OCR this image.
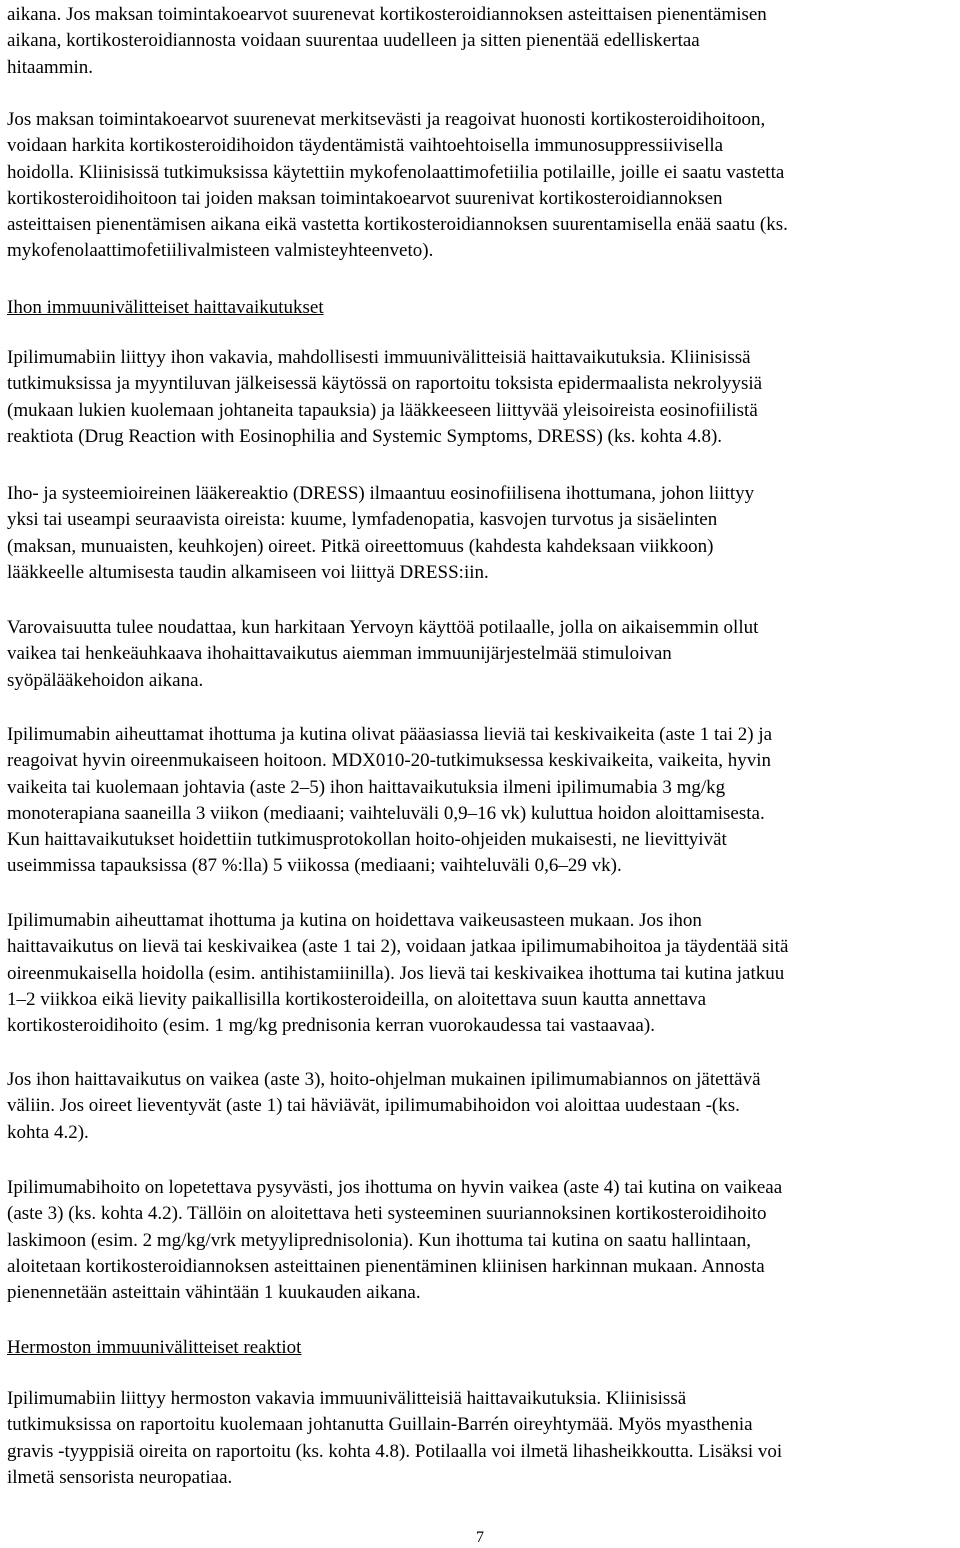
aikana. Jos maksan toimintakoearvot suurenevat kortikosteroidiannoksen asteittaisen pienentämisen
aikana, kortikosteroidiannosta voidaan suurentaa uudelleen ja sitten pienentää edelliskertaa
hitaammin.

Jos maksan toimintakoearvot suurenevat merkitsevästi ja reagoivat huonosti kortikosteroidihoitoon,
voidaan harkita kortikosteroidihoidon täydentämistä vaihtoehtoisella immunosuppressiivisella
hoidolla. Kliinisissä tutkimuksissa käytettiin mykofenolaattimofetiilia potilaille, joille ei saatu vastetta
kortikosteroidihoitoon tai joiden maksan toimintakoearvot suurenivat kortikosteroidiannoksen
asteittaisen pienentämisen aikana eikä vastetta kortikosteroidiannoksen suurentamisella enää saatu (ks.
mykofenolaattimofetiilivalmisteen valmisteyhteenveto).

Ihon immuunivälitteiset haittavaikutukset

Ipilimumabiin liittyy ihon vakavia, mahdollisesti immuunivälitteisiä haittavaikutuksia. Kliinisissä
tutkimuksissa ja myyntiluvan jälkeisessä käytössä on raportoitu toksista epidermaalista nekrolyysiä
(mukaan lukien kuolemaan johtaneita tapauksia) ja lääkkeeseen liittyvää yleisoireista eosinofiilistä
reaktiota (Drug Reaction with Eosinophilia and Systemic Symptoms, DRESS) (ks. kohta 4.8).

Iho- ja systeemioireinen lääkereaktio (DRESS) ilmaantuu eosinofiilisena ihottumana, johon liittyy
yksi tai useampi seuraavista oireista: kuume, lymfadenopatia, kasvojen turvotus ja sisäelinten
(maksan, munuaisten, keuhkojen) oireet. Pitkä oireettomuus (kahdesta kahdeksaan viikkoon)
lääkkeelle altumisesta taudin alkamiseen voi liittyä DRESS:iin.

Varovaisuutta tulee noudattaa, kun harkitaan Yervoyn käyttöä potilaalle, jolla on aikaisemmin ollut
vaikea tai henkeäuhkaava ihohaittavaikutus aiemman immuunijärjestelmää stimuloivan
syöpälääkehoidon aikana.

Ipilimumabin aiheuttamat ihottuma ja kutina olivat pääasiassa lieviä tai keskivaikeita (aste 1 tai 2) ja
reagoivat hyvin oireenmukaiseen hoitoon. MDX010-20-tutkimuksessa keskivaikeita, vaikeita, hyvin
vaikeita tai kuolemaan johtavia (aste 2–5) ihon haittavaikutuksia ilmeni ipilimumabia 3 mg/kg
monoterapiana saaneilla 3 viikon (mediaani; vaihteluväli 0,9–16 vk) kuluttua hoidon aloittamisesta.
Kun haittavaikutukset hoidettiin tutkimusprotokollan hoito-ohjeiden mukaisesti, ne lievittyivät
useimmissa tapauksissa (87 %:lla) 5 viikossa (mediaani; vaihteluväli 0,6–29 vk).

Ipilimumabin aiheuttamat ihottuma ja kutina on hoidettava vaikeusasteen mukaan. Jos ihon
haittavaikutus on lievä tai keskivaikea (aste 1 tai 2), voidaan jatkaa ipilimumabihoitoa ja täydentää sitä
oireenmukaisella hoidolla (esim. antihistamiinilla). Jos lievä tai keskivaikea ihottuma tai kutina jatkuu
1–2 viikkoa eikä lievity paikallisilla kortikosteroideilla, on aloitettava suun kautta annettava
kortikosteroidihoito (esim. 1 mg/kg prednisonia kerran vuorokaudessa tai vastaavaa).

Jos ihon haittavaikutus on vaikea (aste 3), hoito-ohjelman mukainen ipilimumabiannos on jätettävä
väliin. Jos oireet lieventyvät (aste 1) tai häviävät, ipilimumabihoidon voi aloittaa uudestaan -(ks.
kohta 4.2).

Ipilimumabihoito on lopetettava pysyvästi, jos ihottuma on hyvin vaikea (aste 4) tai kutina on vaikeaa
(aste 3) (ks. kohta 4.2). Tällöin on aloitettava heti systeeminen suuriannoksinen kortikosteroidihoito
laskimoon (esim. 2 mg/kg/vrk metyyliprednisolonia). Kun ihottuma tai kutina on saatu hallintaan,
aloitetaan kortikosteroidiannoksen asteittainen pienentäminen kliinisen harkinnan mukaan. Annosta
pienennetään asteittain vähintään 1 kuukauden aikana.

Hermoston immuunivälitteiset reaktiot

Ipilimumabiin liittyy hermoston vakavia immuunivälitteisiä haittavaikutuksia. Kliinisissä
tutkimuksissa on raportoitu kuolemaan johtanutta Guillain-Barrén oireyhtymää. Myös myasthenia
gravis -tyyppisiä oireita on raportoitu (ks. kohta 4.8). Potilaalla voi ilmetä lihasheikkoutta. Lisäksi voi
ilmetä sensorista neuropatiaa.

7
